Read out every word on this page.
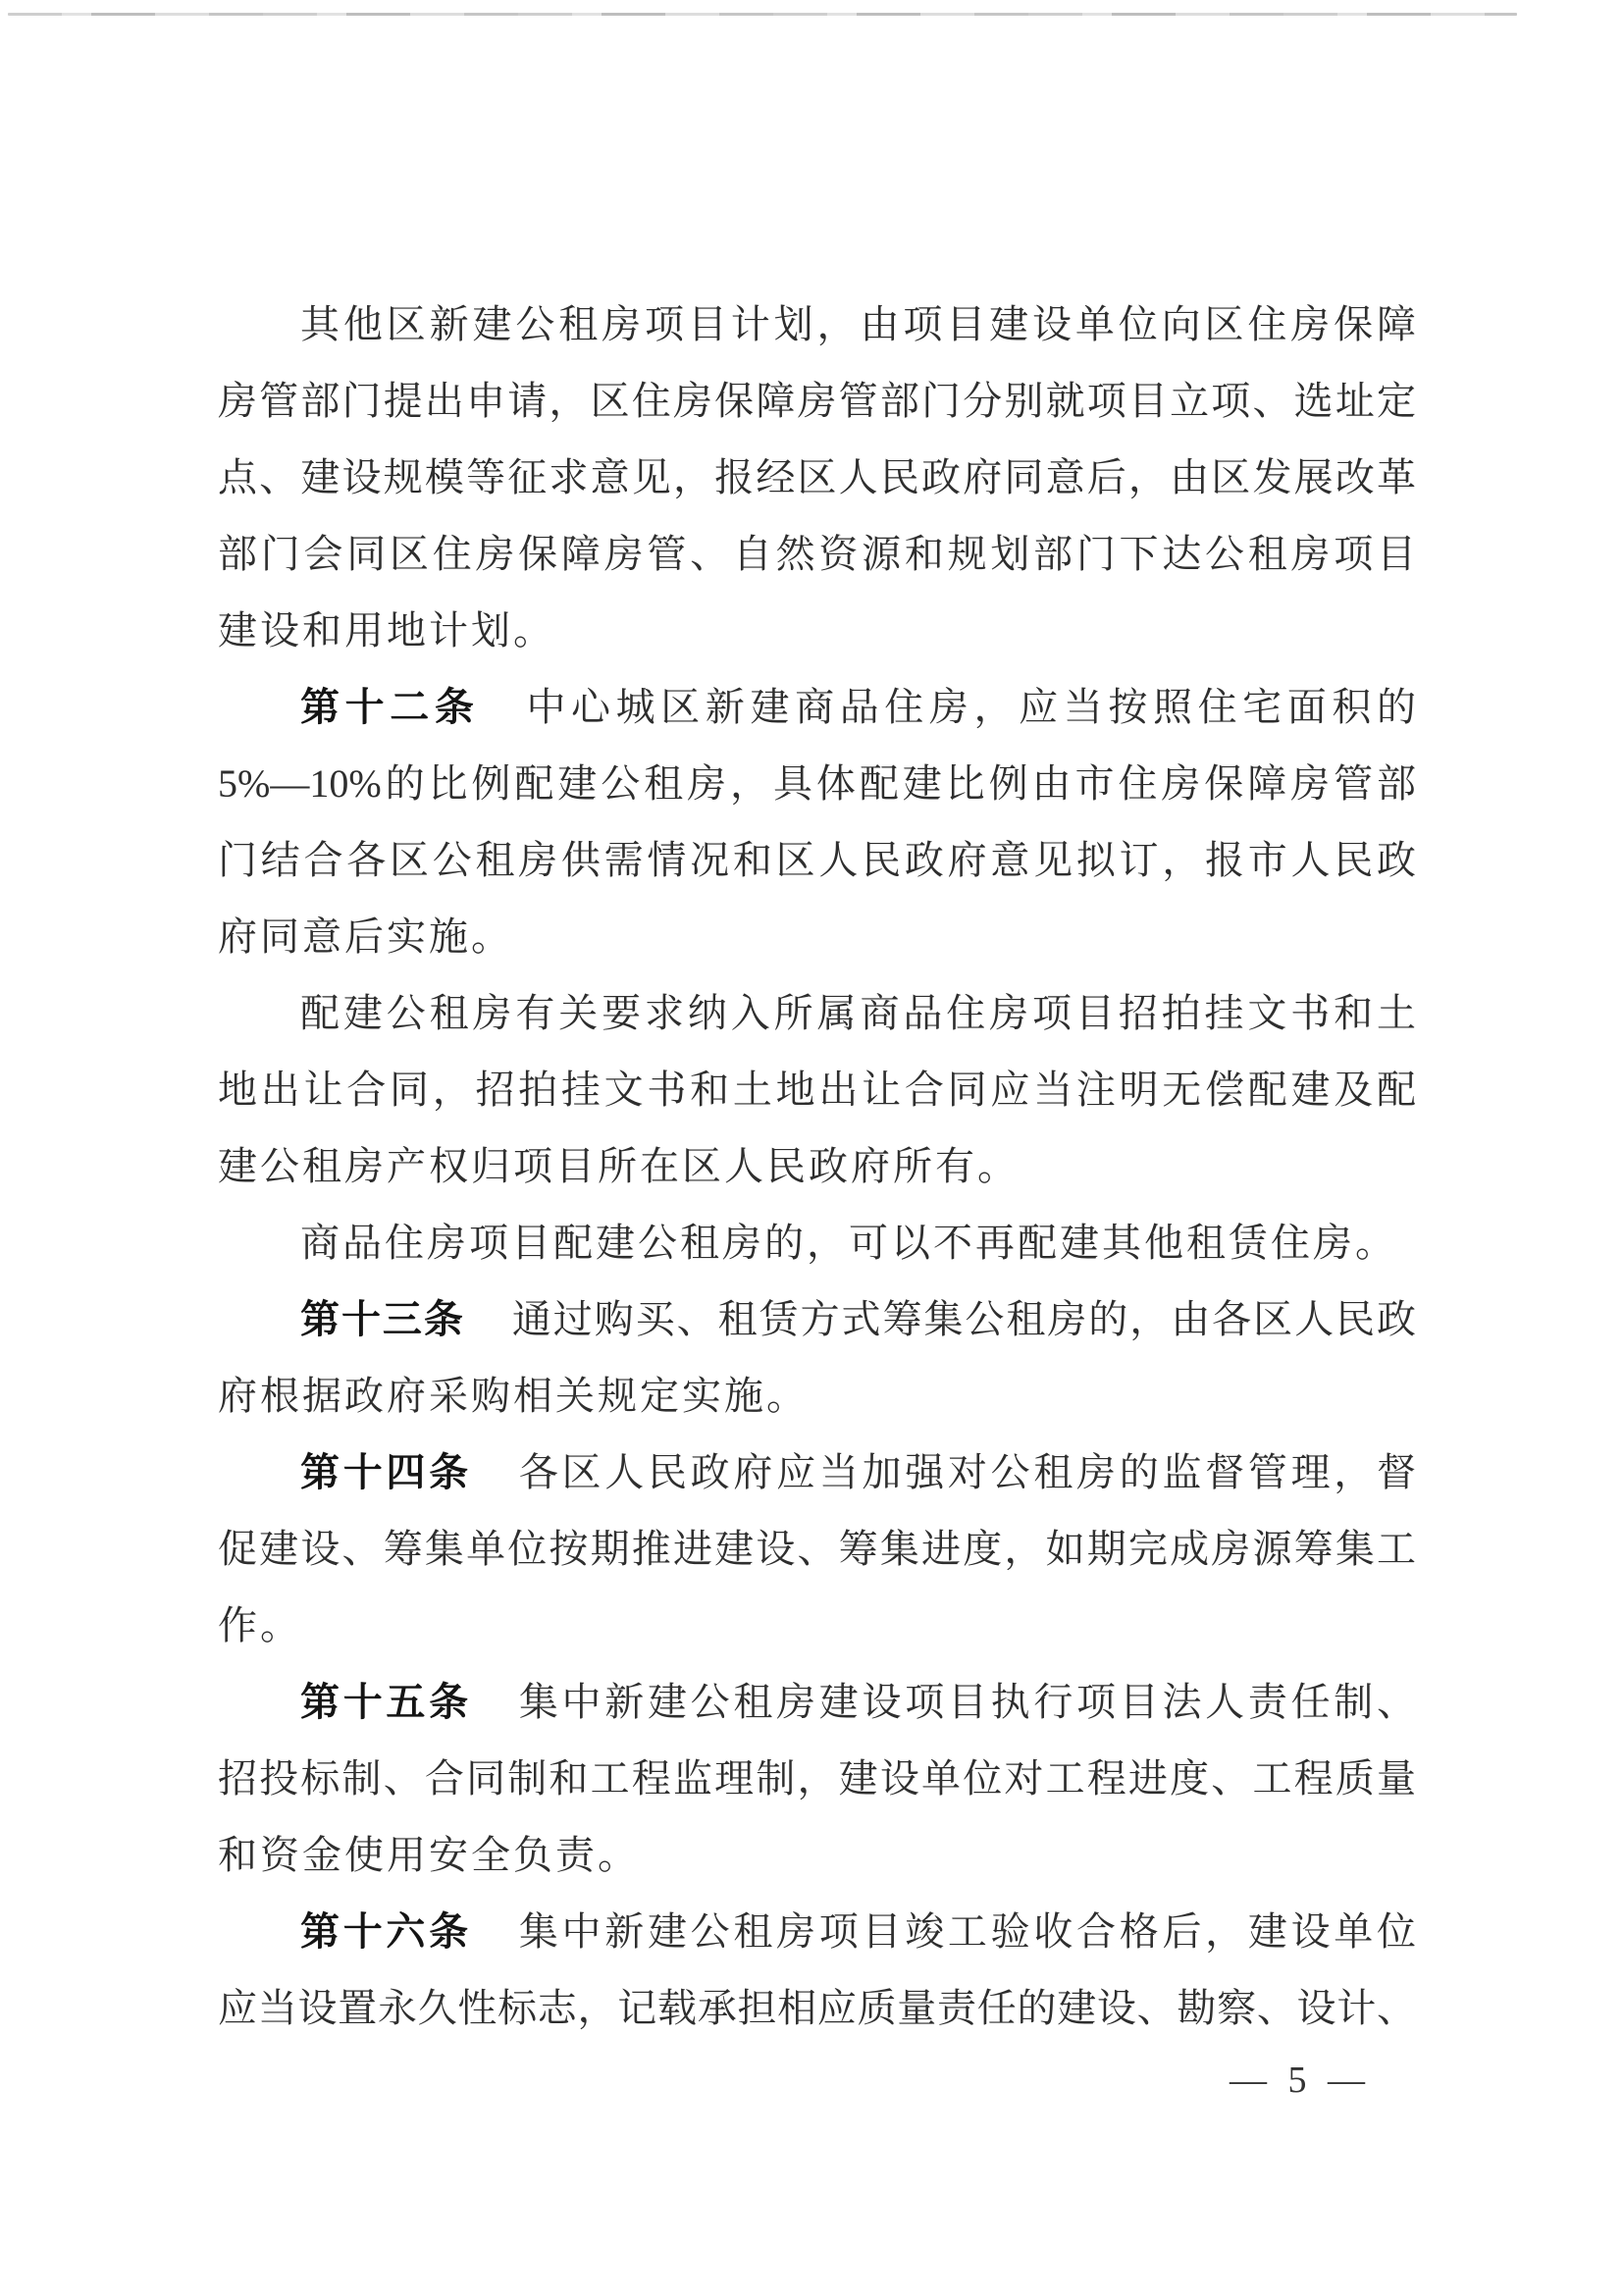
其他区新建公租房项目计划，由项目建设单位向区住房保障
房管部门提出申请，区住房保障房管部门分别就项目立项、选址定
点、建设规模等征求意见，报经区人民政府同意后，由区发展改革
部门会同区住房保障房管、自然资源和规划部门下达公租房项目
建设和用地计划。
第十二条 中心城区新建商品住房，应当按照住宅面积的
5%—10%的比例配建公租房，具体配建比例由市住房保障房管部
门结合各区公租房供需情况和区人民政府意见拟订，报市人民政
府同意后实施。
配建公租房有关要求纳入所属商品住房项目招拍挂文书和土
地出让合同，招拍挂文书和土地出让合同应当注明无偿配建及配
建公租房产权归项目所在区人民政府所有。
商品住房项目配建公租房的，可以不再配建其他租赁住房。
第十三条 通过购买、租赁方式筹集公租房的，由各区人民政
府根据政府采购相关规定实施。
第十四条 各区人民政府应当加强对公租房的监督管理，督
促建设、筹集单位按期推进建设、筹集进度，如期完成房源筹集工
作。
第十五条 集中新建公租房建设项目执行项目法人责任制、
招投标制、合同制和工程监理制，建设单位对工程进度、工程质量
和资金使用安全负责。
第十六条 集中新建公租房项目竣工验收合格后，建设单位
应当设置永久性标志，记载承担相应质量责任的建设、勘察、设计、
— 5 —
